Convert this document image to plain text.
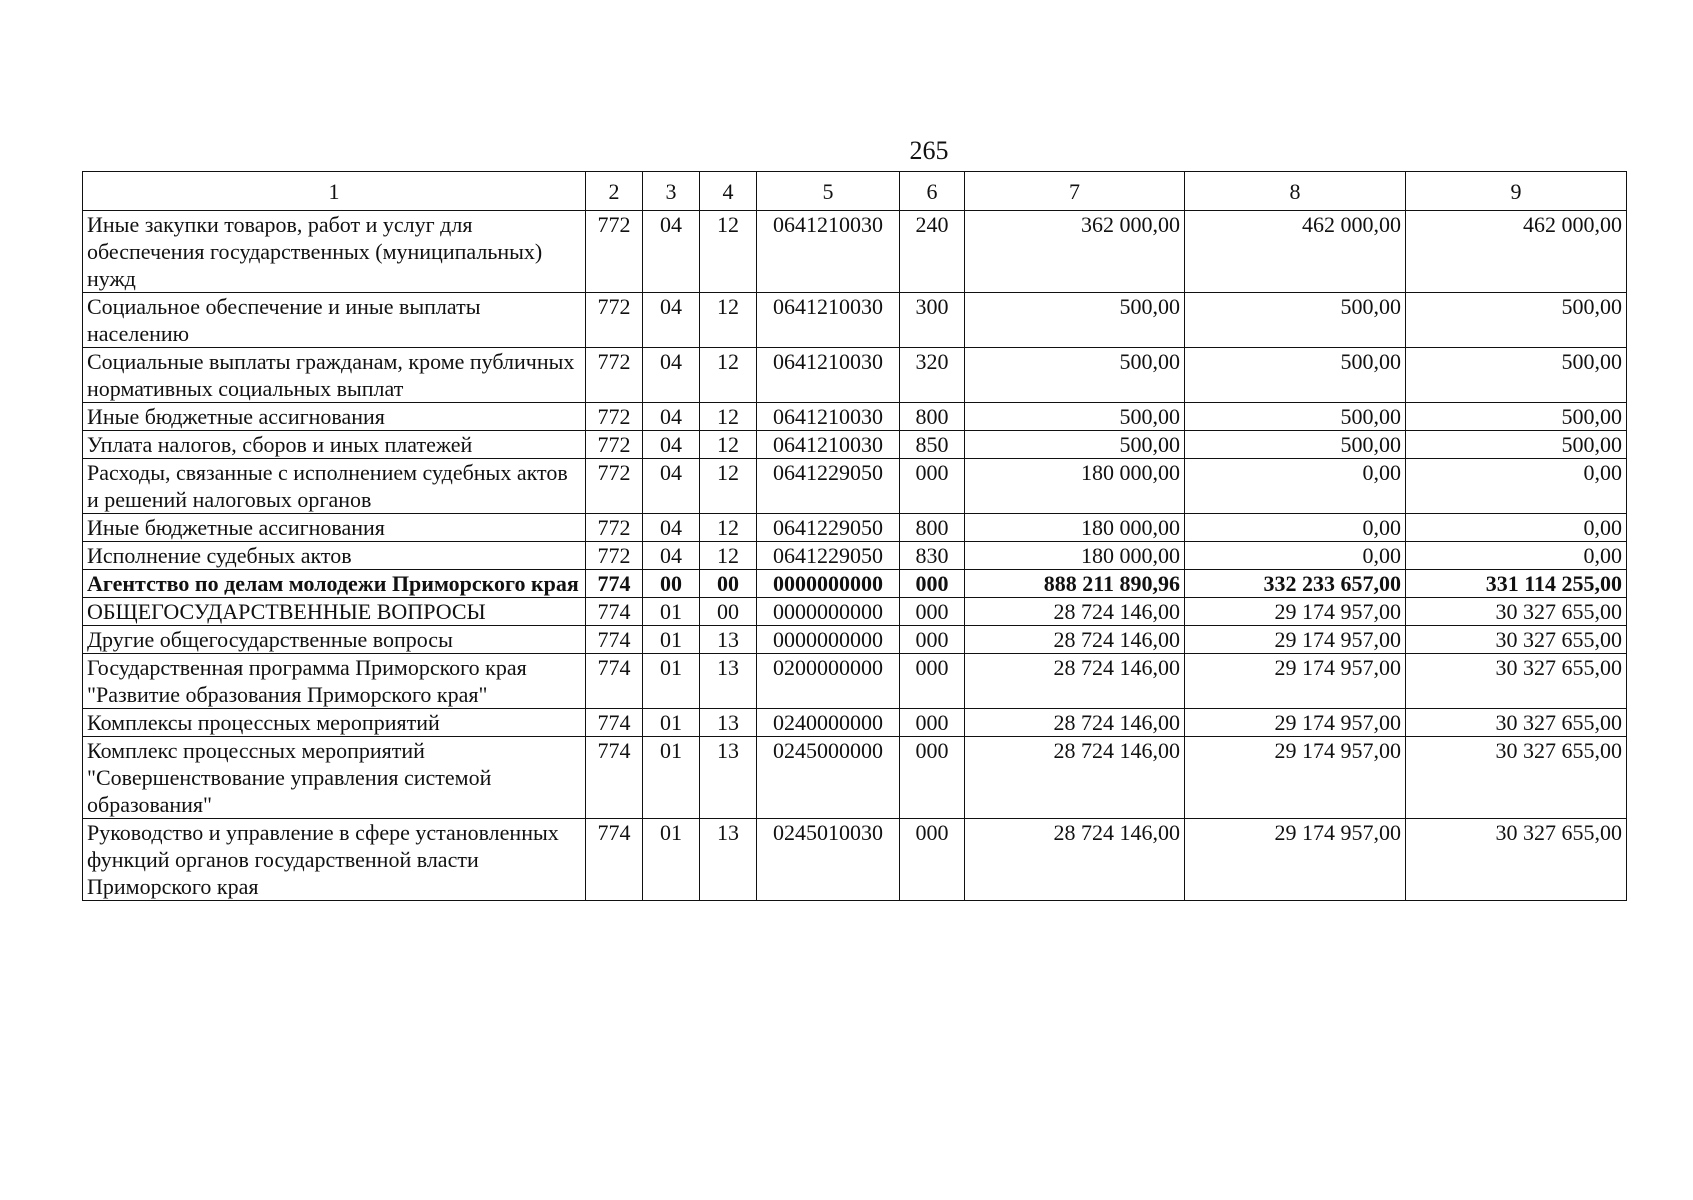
265
1	2	3	4	5	6	7	8	9
Иные закупки товаров, работ и услуг для обеспечения государственных (муниципальных) нужд	772	04	12	0641210030	240	362 000,00	462 000,00	462 000,00
Социальное обеспечение и иные выплаты населению	772	04	12	0641210030	300	500,00	500,00	500,00
Социальные выплаты гражданам, кроме публичных нормативных социальных выплат	772	04	12	0641210030	320	500,00	500,00	500,00
Иные бюджетные ассигнования	772	04	12	0641210030	800	500,00	500,00	500,00
Уплата налогов, сборов и иных платежей	772	04	12	0641210030	850	500,00	500,00	500,00
Расходы, связанные с исполнением судебных актов и решений налоговых органов	772	04	12	0641229050	000	180 000,00	0,00	0,00
Иные бюджетные ассигнования	772	04	12	0641229050	800	180 000,00	0,00	0,00
Исполнение судебных актов	772	04	12	0641229050	830	180 000,00	0,00	0,00
Агентство по делам молодежи Приморского края	774	00	00	0000000000	000	888 211 890,96	332 233 657,00	331 114 255,00
ОБЩЕГОСУДАРСТВЕННЫЕ ВОПРОСЫ	774	01	00	0000000000	000	28 724 146,00	29 174 957,00	30 327 655,00
Другие общегосударственные вопросы	774	01	13	0000000000	000	28 724 146,00	29 174 957,00	30 327 655,00
Государственная программа Приморского края "Развитие образования Приморского края"	774	01	13	0200000000	000	28 724 146,00	29 174 957,00	30 327 655,00
Комплексы процессных мероприятий	774	01	13	0240000000	000	28 724 146,00	29 174 957,00	30 327 655,00
Комплекс процессных мероприятий "Совершенствование управления системой образования"	774	01	13	0245000000	000	28 724 146,00	29 174 957,00	30 327 655,00
Руководство и управление в сфере установленных функций органов государственной власти Приморского края	774	01	13	0245010030	000	28 724 146,00	29 174 957,00	30 327 655,00
